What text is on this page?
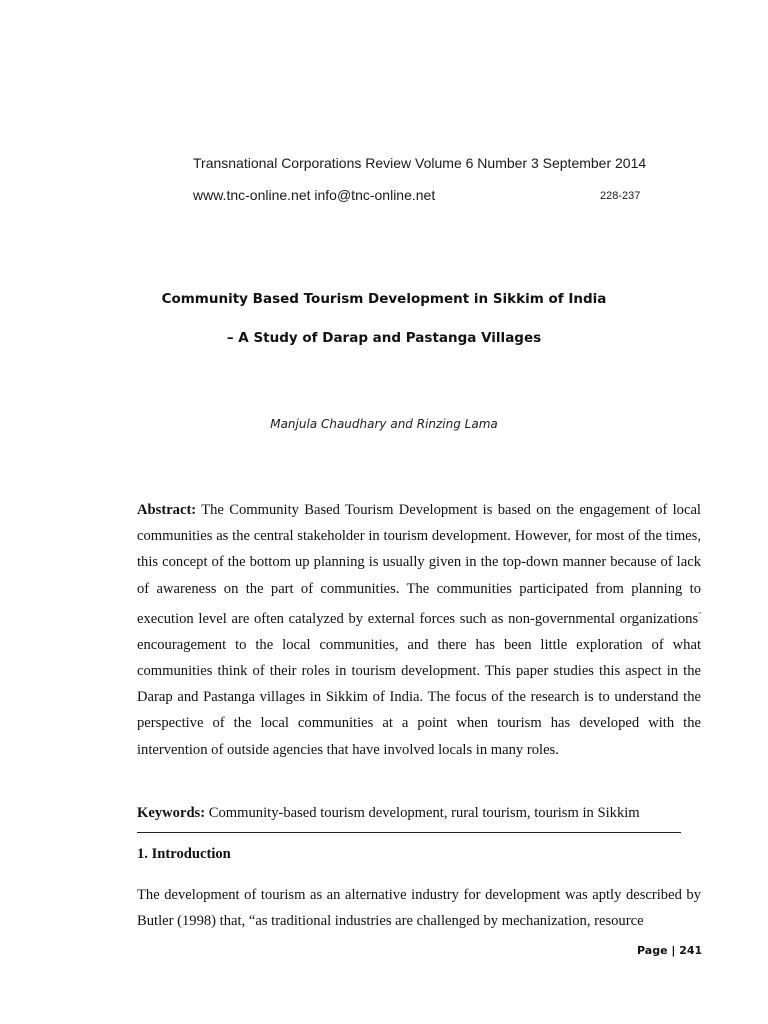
Transnational Corporations Review Volume 6 Number 3 September 2014
www.tnc-online.net info@tnc-online.net	228-237
Community Based Tourism Development in Sikkim of India
– A Study of Darap and Pastanga Villages
Manjula Chaudhary and Rinzing Lama

Abstract: The Community Based Tourism Development is based on the engagement of local communities as the central stakeholder in tourism development. However, for most of the times, this concept of the bottom up planning is usually given in the top-down manner because of lack of awareness on the part of communities. The communities participated from planning to execution level are often catalyzed by external forces such as non-governmental organizations" encouragement to the local communities, and there has been little exploration of what communities think of their roles in tourism development. This paper studies this aspect in the Darap and Pastanga villages in Sikkim of India. The focus of the research is to understand the perspective of the local communities at a point when tourism has developed with the intervention of outside agencies that have involved locals in many roles.

Keywords: Community-based tourism development, rural tourism, tourism in Sikkim

1. Introduction

The development of tourism as an alternative industry for development was aptly described by Butler (1998) that, “as traditional industries are challenged by mechanization, resource

Page | 241
